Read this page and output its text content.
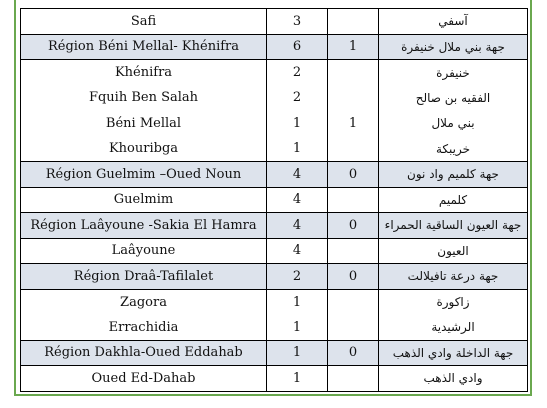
Safi	3		آسفي
Région Béni Mellal- Khénifra	6	1	جهة بني ملال خنيفرة
Khénifra	2		خنيفرة
Fquih Ben Salah	2		الفقيه بن صالح
Béni Mellal	1	1	بني ملال
Khouribga	1		خريبكة
Région Guelmim –Oued Noun	4	0	جهة كلميم واد نون
Guelmim	4		كلميم
Région Laâyoune -Sakia El Hamra	4	0	جهة العيون الساقية الحمراء
Laâyoune	4		العيون
Région Draâ-Tafilalet	2	0	جهة درعة تافيلالت
Zagora	1		زاكورة
Errachidia	1		الرشيدية
Région Dakhla-Oued Eddahab	1	0	جهة الداخلة وادي الذهب
Oued Ed-Dahab	1		وادي الذهب
